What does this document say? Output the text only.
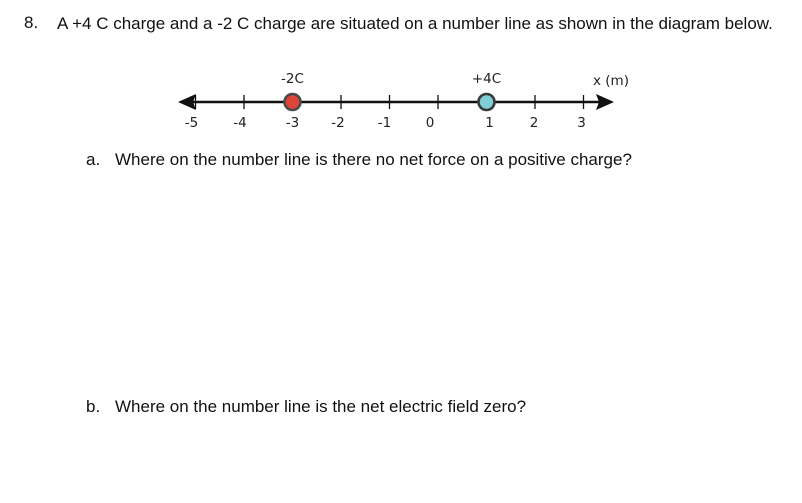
8. A +4 C charge and a -2 C charge are situated on a number line as shown in the diagram below.
x (m)
-5	-4	-3 -2 -1	0	1	2	3
-2C	+4C
a. Where on the number line is there no net force on a positive charge?
b. Where on the number line is the net electric field zero?
